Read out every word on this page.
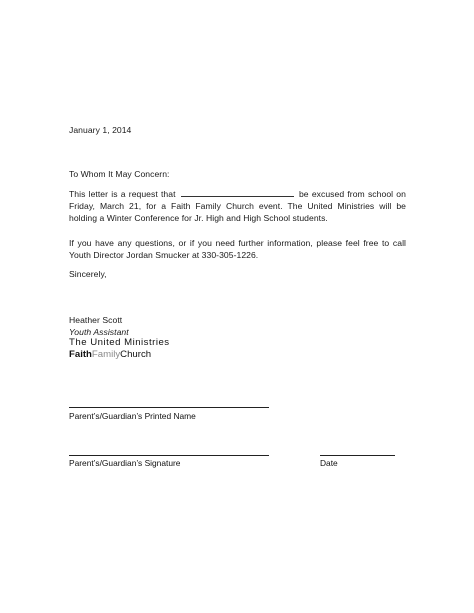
January 1, 2014
To Whom It May Concern:
This letter is a request that	be excused from school on
Friday, March 21, for a Faith Family Church event. The United Ministries will be
holding a Winter Conference for Jr. High and High School students.
If you have any questions, or if you need further information, please feel free to call
Youth Director Jordan Smucker at 330-305-1226.
Sincerely,
Heather Scott
Youth Assistant
The United Ministries
FaithFamilyChurch
Parent’s/Guardian’s Printed Name
Parent’s/Guardian’s Signature	Date
